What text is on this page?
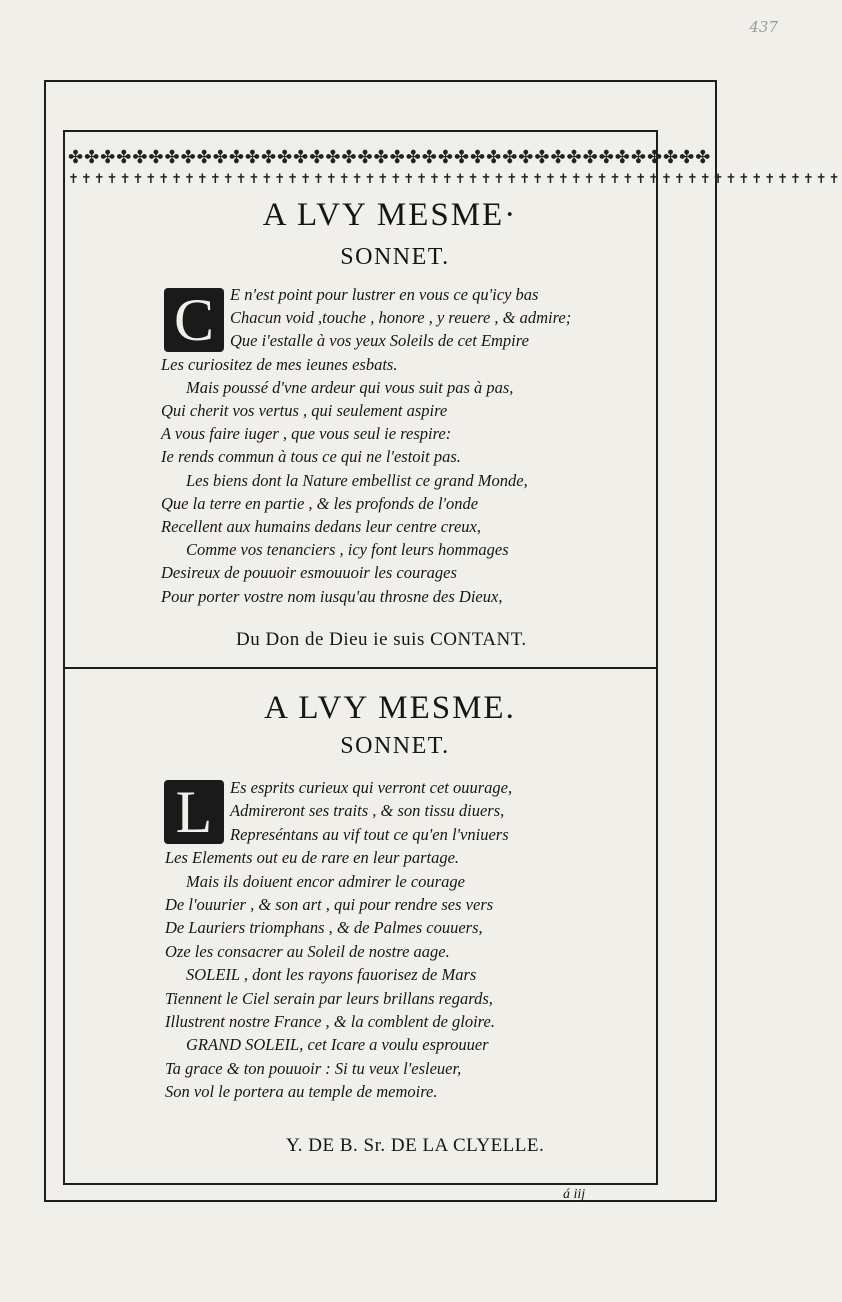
437
✤✤✤✤✤✤✤✤✤✤✤✤✤✤✤✤✤✤✤✤✤✤✤✤✤✤✤✤✤✤✤✤✤✤✤✤✤✤✤✤
✝✝✝✝✝✝✝✝✝✝✝✝✝✝✝✝✝✝✝✝✝✝✝✝✝✝✝✝✝✝✝✝✝✝✝✝✝✝✝✝✝✝✝✝✝✝✝✝✝✝✝✝✝✝✝✝✝✝✝✝
A LVY MESME·
SONNET.
C E n'est point pour lustrer en vous ce qu'icy bas
Chacun void ,touche , honore , y reuere , & admire;
Que i'estalle à vos yeux Soleils de cet Empire
Les curiositez de mes ieunes esbats.
Mais poussé d'vne ardeur qui vous suit pas à pas,
Qui cherit vos vertus , qui seulement aspire
A vous faire iuger , que vous seul ie respire:
Ie rends commun à tous ce qui ne l'estoit pas.
Les biens dont la Nature embellist ce grand Monde,
Que la terre en partie , & les profonds de l'onde
Recellent aux humains dedans leur centre creux,
Comme vos tenanciers , icy font leurs hommages
Desireux de pouuoir esmouuoir les courages
Pour porter vostre nom iusqu'au throsne des Dieux,
Du Don de Dieu ie suis CONTANT.
A LVY MESME.
SONNET.
L	Es esprits curieux qui verront cet ouurage,
Admireront ses traits , & son tissu diuers,
Represéntans au vif tout ce qu'en l'vniuers
Les Elements out eu de rare en leur partage.
Mais ils doiuent encor admirer le courage
De l'ouurier , & son art , qui pour rendre ses vers
De Lauriers triomphans , & de Palmes couuers,
Oze les consacrer au Soleil de nostre aage.
SOLEIL , dont les rayons fauorisez de Mars
Tiennent le Ciel serain par leurs brillans regards,
Illustrent nostre France , & la comblent de gloire.
GRAND SOLEIL, cet Icare a voulu esprouuer
Ta grace & ton pouuoir : Si tu veux l'esleuer,
Son vol le portera au temple de memoire.
Y. DE B. Sr. DE LA CLYELLE.
á iij
